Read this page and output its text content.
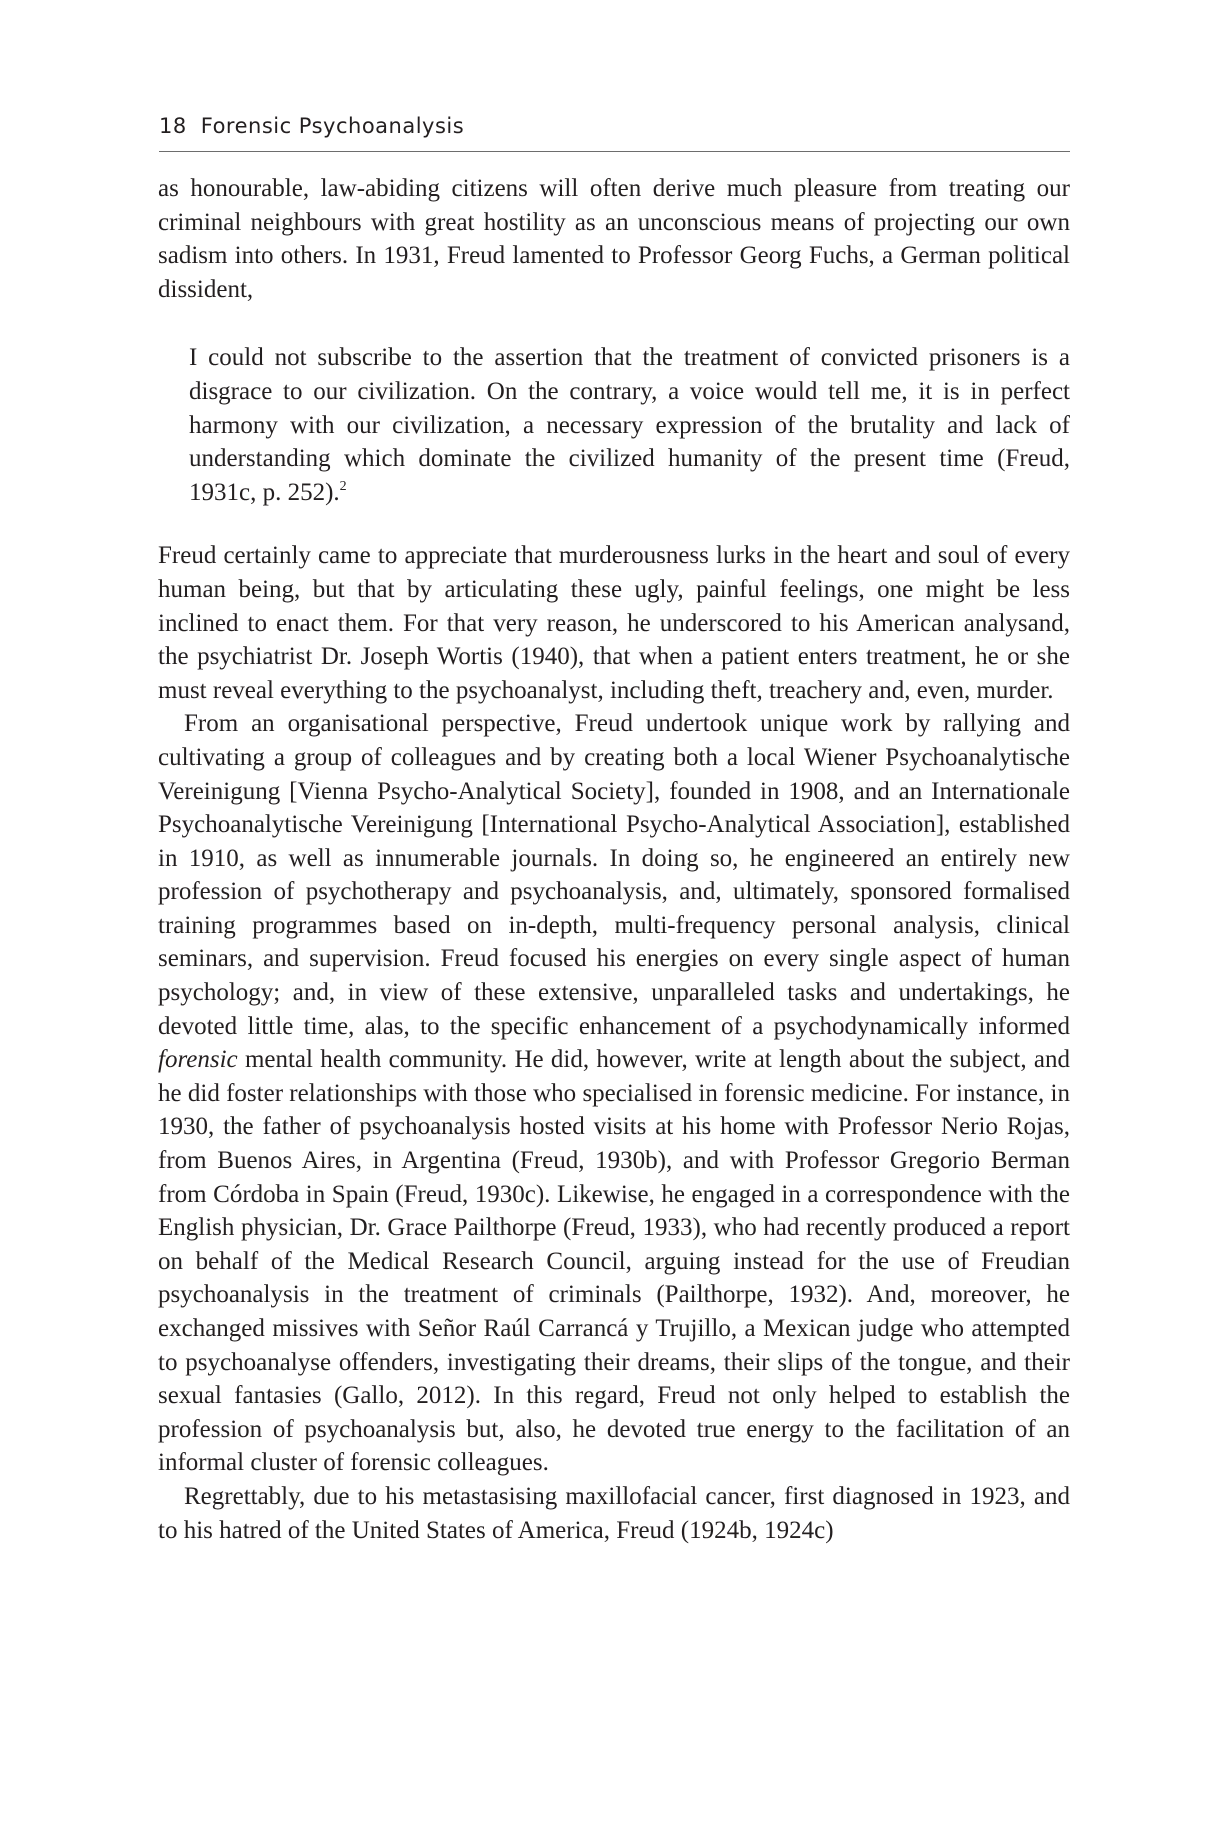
18 Forensic Psychoanalysis

as honourable, law-abiding citizens will often derive much pleasure from treating our criminal neighbours with great hostility as an unconscious means of projecting our own sadism into others. In 1931, Freud lamented to Professor Georg Fuchs, a German political dissident,

I could not subscribe to the assertion that the treatment of convicted prisoners is a disgrace to our civilization. On the contrary, a voice would tell me, it is in perfect harmony with our civilization, a necessary expression of the brutality and lack of understanding which dominate the civilized humanity of the present time (Freud, 1931c, p. 252).$^2$

Freud certainly came to appreciate that murderousness lurks in the heart and soul of every human being, but that by articulating these ugly, painful feelings, one might be less inclined to enact them. For that very reason, he underscored to his American analysand, the psychiatrist Dr. Joseph Wortis (1940), that when a patient enters treatment, he or she must reveal everything to the psychoanalyst, including theft, treachery and, even, murder.

From an organisational perspective, Freud undertook unique work by rallying and cultivating a group of colleagues and by creating both a local Wiener Psychoanalytische Vereinigung [Vienna Psycho-Analytical Society], founded in 1908, and an Internationale Psychoanalytische Vereinigung [International Psycho-Analytical Association], established in 1910, as well as innumerable journals. In doing so, he engineered an entirely new profession of psychotherapy and psychoanalysis, and, ultimately, sponsored formalised training programmes based on in-depth, multi-frequency personal analysis, clinical seminars, and supervision. Freud focused his energies on every single aspect of human psychology; and, in view of these extensive, unparalleled tasks and undertakings, he devoted little time, alas, to the specific enhancement of a psychodynamically informed forensic mental health community. He did, however, write at length about the subject, and he did foster relationships with those who specialised in forensic medicine. For instance, in 1930, the father of psychoanalysis hosted visits at his home with Professor Nerio Rojas, from Buenos Aires, in Argentina (Freud, 1930b), and with Professor Gregorio Berman from Córdoba in Spain (Freud, 1930c). Likewise, he engaged in a correspondence with the English physician, Dr. Grace Pailthorpe (Freud, 1933), who had recently produced a report on behalf of the Medical Research Council, arguing instead for the use of Freudian psychoanalysis in the treatment of criminals (Pailthorpe, 1932). And, moreover, he exchanged missives with Señor Raúl Carrancá y Trujillo, a Mexican judge who attempted to psychoanalyse offenders, investigating their dreams, their slips of the tongue, and their sexual fantasies (Gallo, 2012). In this regard, Freud not only helped to establish the profession of psychoanalysis but, also, he devoted true energy to the facilitation of an informal cluster of forensic colleagues.

Regrettably, due to his metastasising maxillofacial cancer, first diagnosed in 1923, and to his hatred of the United States of America, Freud (1924b, 1924c)
